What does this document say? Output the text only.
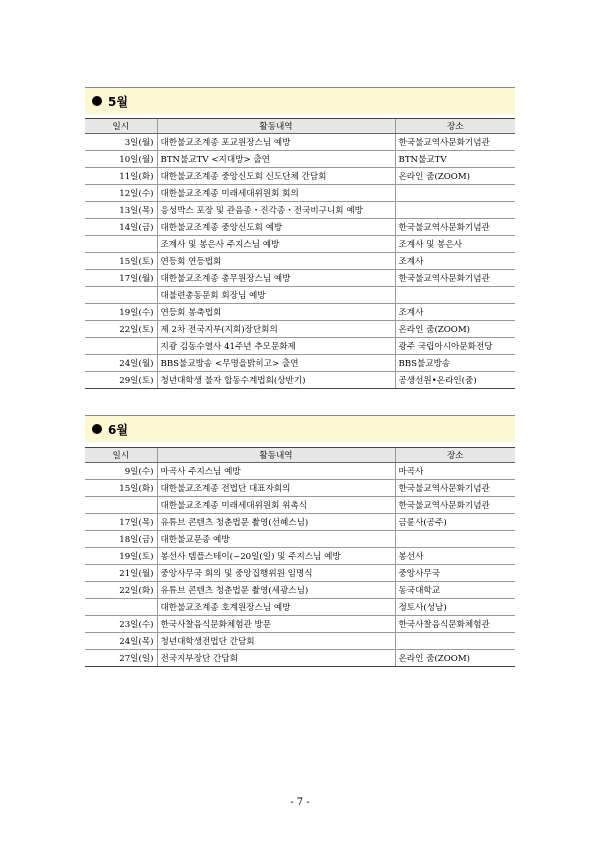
5월
일시	활동내역	장소
3일(월)	대한불교조계종 포교원장스님 예방	한국불교역사문화기념관
10일(월)	BTN불교TV <지대방> 출연	BTN불교TV
11일(화)	대한불교조계종 중앙신도회 신도단체 간담회	온라인 줌(ZOOM)
12일(수)	대한불교조계종 미래세대위원회 회의	
13일(목)	응성박스 포장 및 관음종・진각종・전국비구니회 예방	
14일(금)	대한불교조계종 중앙신도회 예방	한국불교역사문화기념관
	조계사 및 봉은사 주지스님 예방	조계사 및 봉은사
15일(토)	연등회 연등법회	조계사
17일(월)	대한불교조계종 총무원장스님 예방	한국불교역사문화기념관
	대불련총동문회 회장님 예방	
19일(수)	연등회 봉축법회	조계사
22일(토)	제 2차 전국지부(지회)장단회의	온라인 줌(ZOOM)
	지광 김동수열사 41주년 추모문화제	광주 국립아시아문화전당
24일(월)	BBS불교방송 <무명을밝히고> 출연	BBS불교방송
29일(토)	청년대학생 불자 합동수계법회(상반기)	공생선원•온라인(줌)
6월
일시	활동내역	장소
9일(수)	마곡사 주지스님 예방	마곡사
15일(화)	대한불교조계종 전법단 대표자회의	한국불교역사문화기념관
	대한불교조계종 미래세대위원회 위촉식	한국불교역사문화기념관
17일(목)	유튜브 콘텐츠 청춘법문 촬영(선혜스님)	금륜사(공주)
18일(금)	대한불교문종 예방	
19일(토)	봉선사 템플스테이(~20일(일) 및 주지스님 예방	봉선사
21일(월)	중앙사무국 회의 및 중앙집행위원 임명식	중앙사무국
22일(화)	유튜브 콘텐츠 청춘법문 촬영(세광스님)	동국대학교
	대한불교조계종 호계원장스님 예방	정토사(성남)
23일(수)	한국사찰음식문화체험관 방문	한국사찰음식문화체험관
24일(목)	청년대학생전법단 간담회	
27일(일)	전국지부장단 간담회	온라인 줌(ZOOM)
- 7 -
